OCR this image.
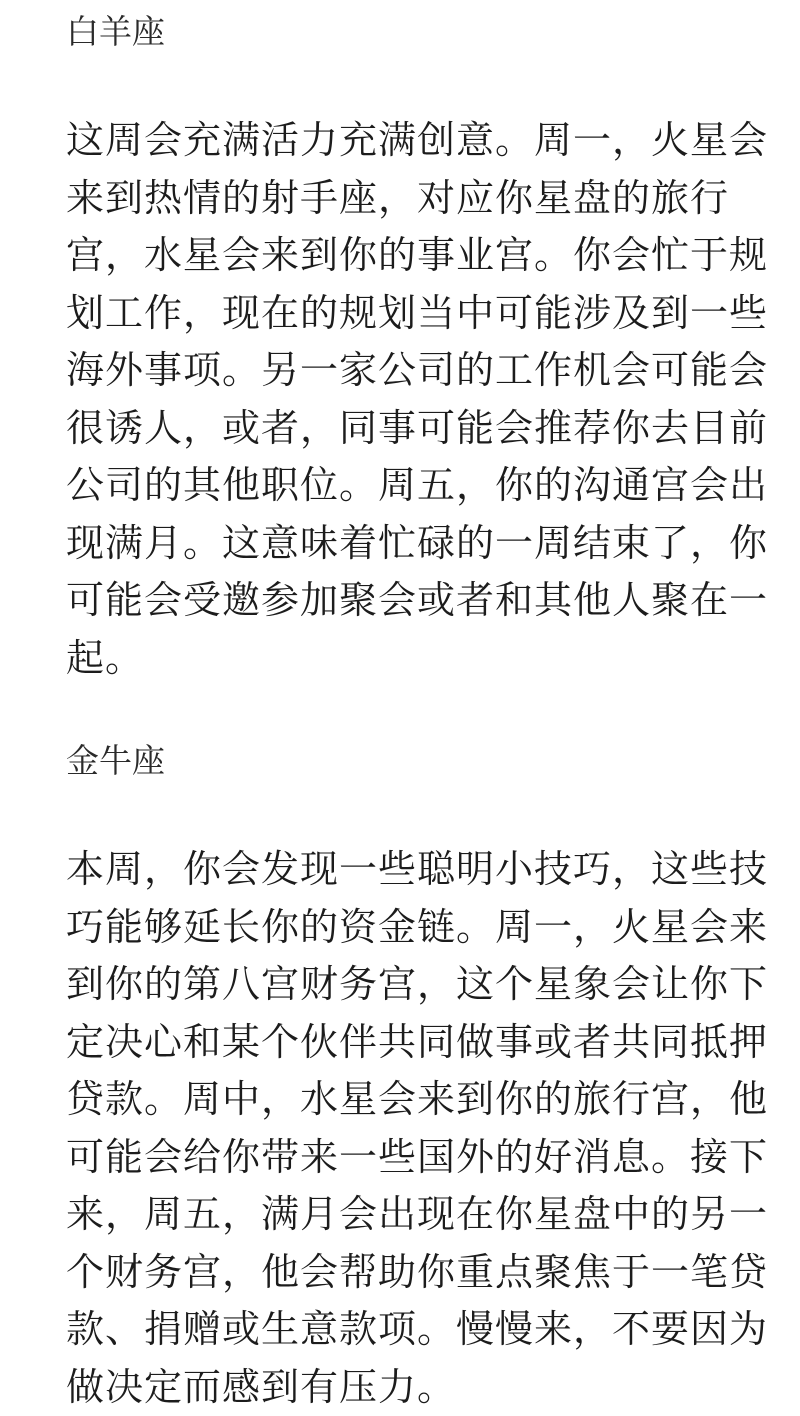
白羊座
这周会充满活力充满创意。周一，火星会
来到热情的射手座，对应你星盘的旅行
宫，水星会来到你的事业宫。你会忙于规
划工作，现在的规划当中可能涉及到一些
海外事项。另一家公司的工作机会可能会
很诱人，或者，同事可能会推荐你去目前
公司的其他职位。周五，你的沟通宫会出
现满月。这意味着忙碌的一周结束了，你
可能会受邀参加聚会或者和其他人聚在一
起。
金牛座
本周，你会发现一些聪明小技巧，这些技
巧能够延长你的资金链。周一，火星会来
到你的第八宫财务宫，这个星象会让你下
定决心和某个伙伴共同做事或者共同抵押
贷款。周中，水星会来到你的旅行宫，他
可能会给你带来一些国外的好消息。接下
来，周五，满月会出现在你星盘中的另一
个财务宫，他会帮助你重点聚焦于一笔贷
款、捐赠或生意款项。慢慢来，不要因为
做决定而感到有压力。
